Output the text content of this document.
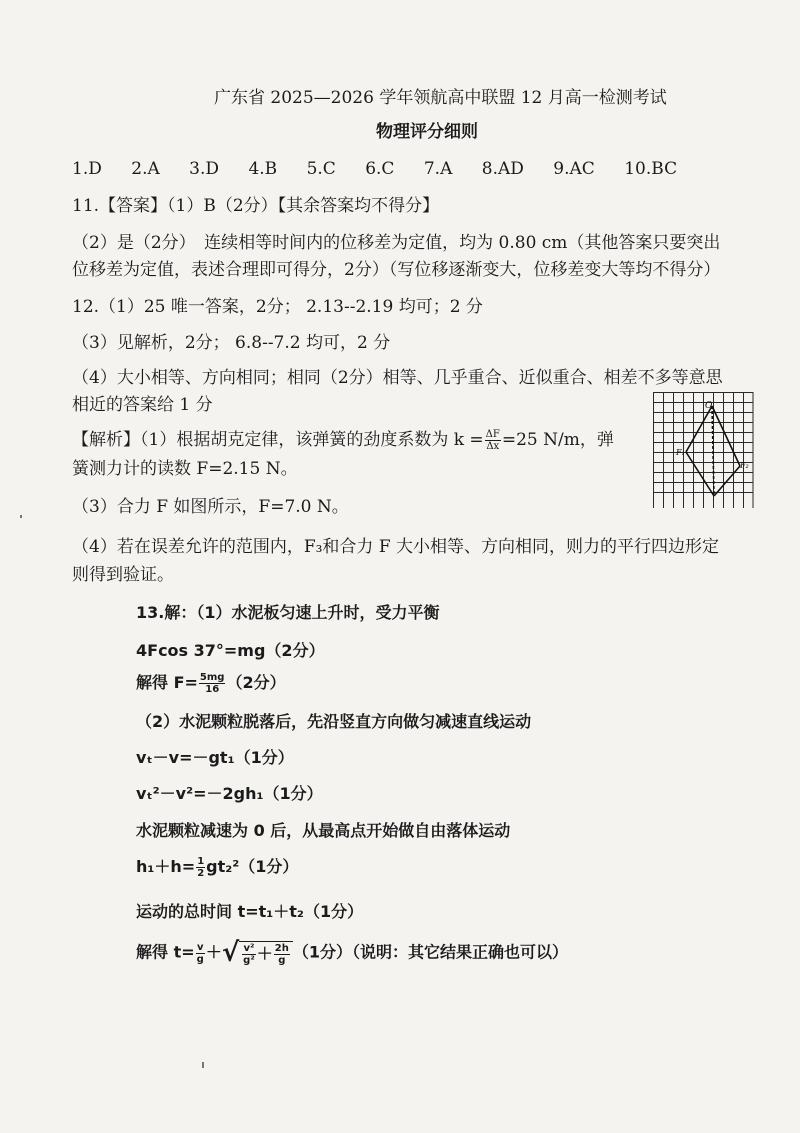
广东省 2025—2026 学年领航高中联盟 12 月高一检测考试
物理评分细则
1.D 2.A 3.D 4.B 5.C 6.C 7.A 8.AD 9.AC 10.BC
11.【答案】（1）B（2分）【其余答案均不得分】
（2）是（2分）　连续相等时间内的位移差为定值，均为 0.80 cm（其他答案只要突出
位移差为定值，表述合理即可得分，2分）（写位移逐渐变大，位移差变大等均不得分）
12.（1）25 唯一答案，2分； 2.13--2.19 均可；2 分
（3）见解析，2分； 6.8--7.2 均可，2 分
（4）大小相等、方向相同；相同（2分）相等、几乎重合、近似重合、相差不多等意思
相近的答案给 1 分
【解析】（1）根据胡克定律，该弹簧的劲度系数为 $k = \frac{\Delta F}{\Delta x} =25$ N/m，弹
簧测力计的读数 F=2.15 N。
（3）合力 F 如图所示，F=7.0 N。
（4）若在误差允许的范围内，F₃和合力 F 大小相等、方向相同，则力的平行四边形定
则得到验证。
O
F₁
F₂
13.解：（1）水泥板匀速上升时，受力平衡
4Fcos 37°=mg（2分）
解得 $F= \frac{5mg}{16} (2$分）
（2）水泥颗粒脱落后，先沿竖直方向做匀减速直线运动
vₜ－v=－gt₁（1分）
vₜ²－v²=－2gh₁（1分）
水泥颗粒减速为 0 后，从最高点开始做自由落体运动
$h_1+h= \frac{1}{2} gt_2^2(1$分）
运动的总时间 t=t₁＋t₂（1分）
解得 $t= \frac{v}{g}$ ＋√ $\frac{\text{v²}}{\text{g²}} + \frac{2h}{g} (1$分）（说明：其它结果正确也可以）
